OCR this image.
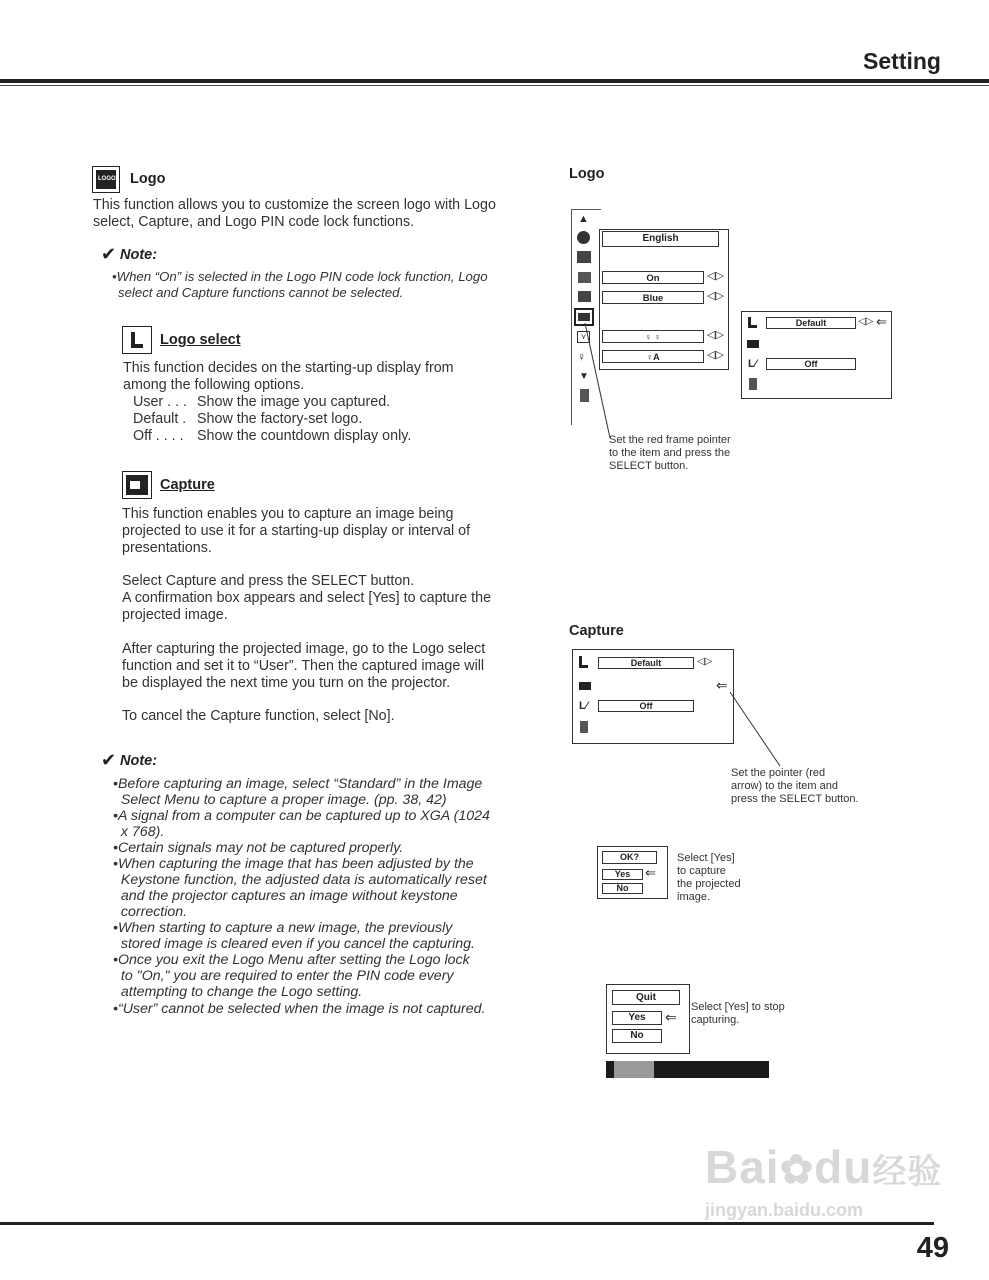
Setting
LOGO Logo
This function allows you to customize the screen logo with Logo
select, Capture, and Logo PIN code lock functions.
✔ Note:
•When “On” is selected in the Logo PIN code lock function, Logo
select and Capture functions cannot be selected.
Logo select
This function decides on the starting-up display from
among the following options.
User . . . Show the image you captured.
Default . Show the factory-set logo.
Off . . . . Show the countdown display only.
Capture
This function enables you to capture an image being
projected to use it for a starting-up display or interval of
presentations.
Select Capture and press the SELECT button.
A confirmation box appears and select [Yes] to capture the
projected image.
After capturing the projected image, go to the Logo select
function and set it to “User”. Then the captured image will
be displayed the next time you turn on the projector.
To cancel the Capture function, select [No].
✔ Note:
•Before capturing an image, select “Standard” in the Image
Select Menu to capture a proper image. (pp. 38, 42)
•A signal from a computer can be captured up to XGA (1024
x 768).
•Certain signals may not be captured properly.
•When capturing the image that has been adjusted by the
Keystone function, the adjusted data is automatically reset
and the projector captures an image without keystone
correction.
•When starting to capture a new image, the previously
stored image is cleared even if you cancel the capturing.
•Once you exit the Logo Menu after setting the Logo lock
to "On," you are required to enter the PIN code every
attempting to change the Logo setting.
•“User” cannot be selected when the image is not captured.
Logo
▲
⋎
♀
▼
English
On	◁▷
Blue	◁▷
♀ ♀	◁▷
♀A	◁▷
Set the red frame pointer
to the item and press the
SELECT button.
Default	◁▷ ⇐
L⁄	Off
Capture
Default	◁▷
⇐
L⁄	Off
Set the pointer (red
arrow) to the item and
press the SELECT button.
OK?
Yes
No
⇐
Select [Yes]
to capture
the projected
image.
Quit
Yes
No
⇐
Select [Yes] to stop
capturing.
Bai✿du经验
jingyan.baidu.com
49
